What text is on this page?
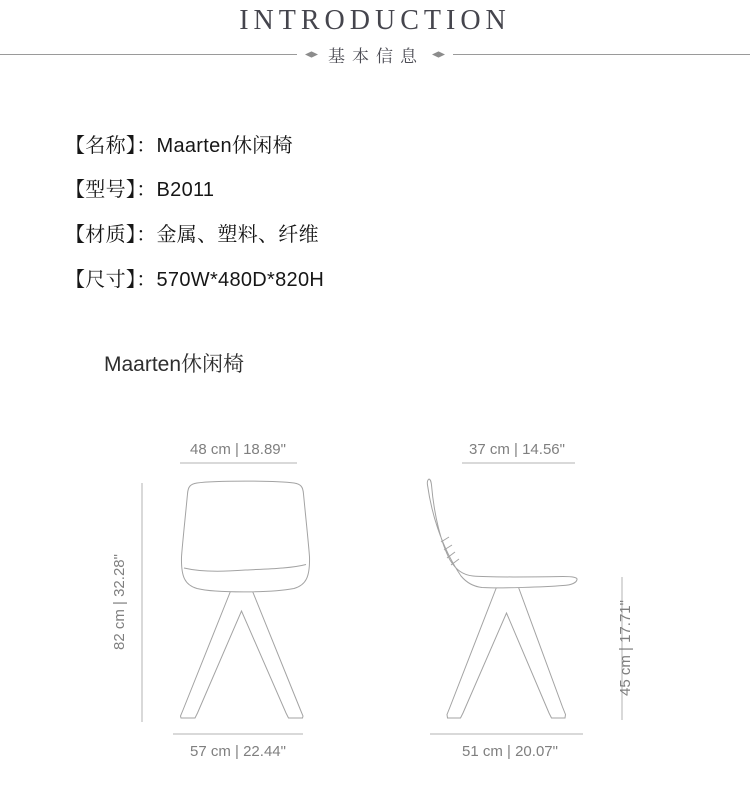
INTRODUCTION
基本信息
【名称】：Maarten休闲椅
【型号】：B2011
【材质】：金属、塑料、纤维
【尺寸】：570W*480D*820H
Maarten休闲椅
48 cm | 18.89"
82 cm | 32.28"
57 cm | 22.44"
37 cm | 14.56"
45 cm | 17.71"
51 cm | 20.07"
